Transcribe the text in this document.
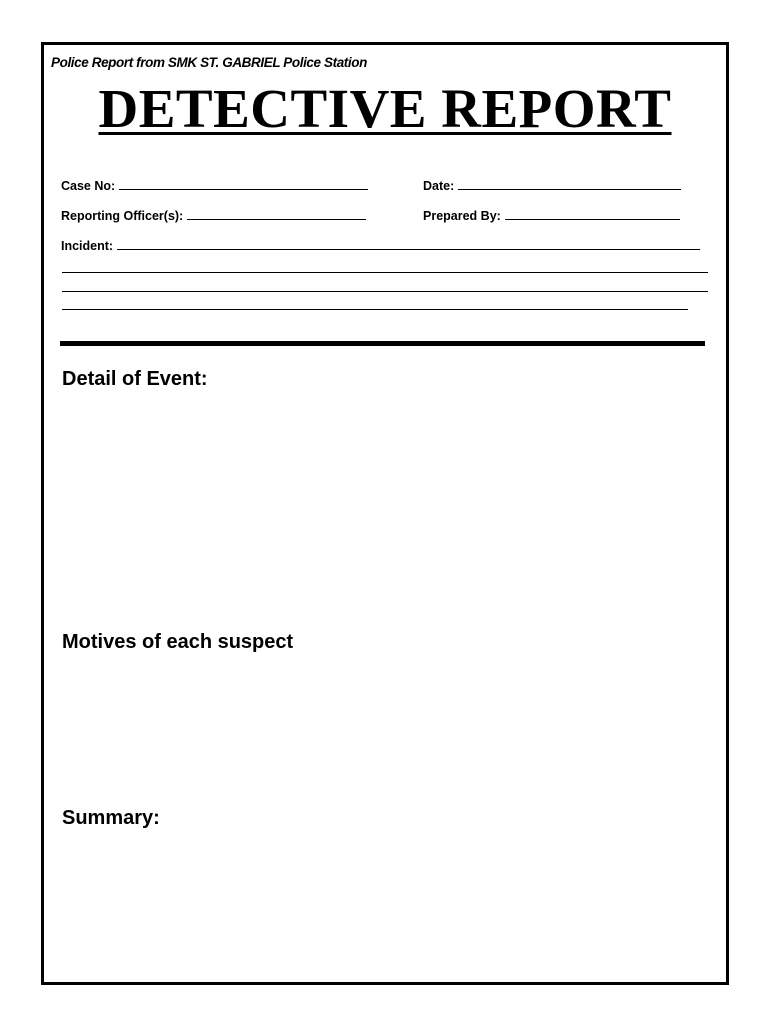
Police Report from SMK ST. GABRIEL Police Station
DETECTIVE REPORT
Case No:	Date:
Reporting Officer(s):	Prepared By:
Incident:
Detail of Event:
Motives of each suspect
Summary:
